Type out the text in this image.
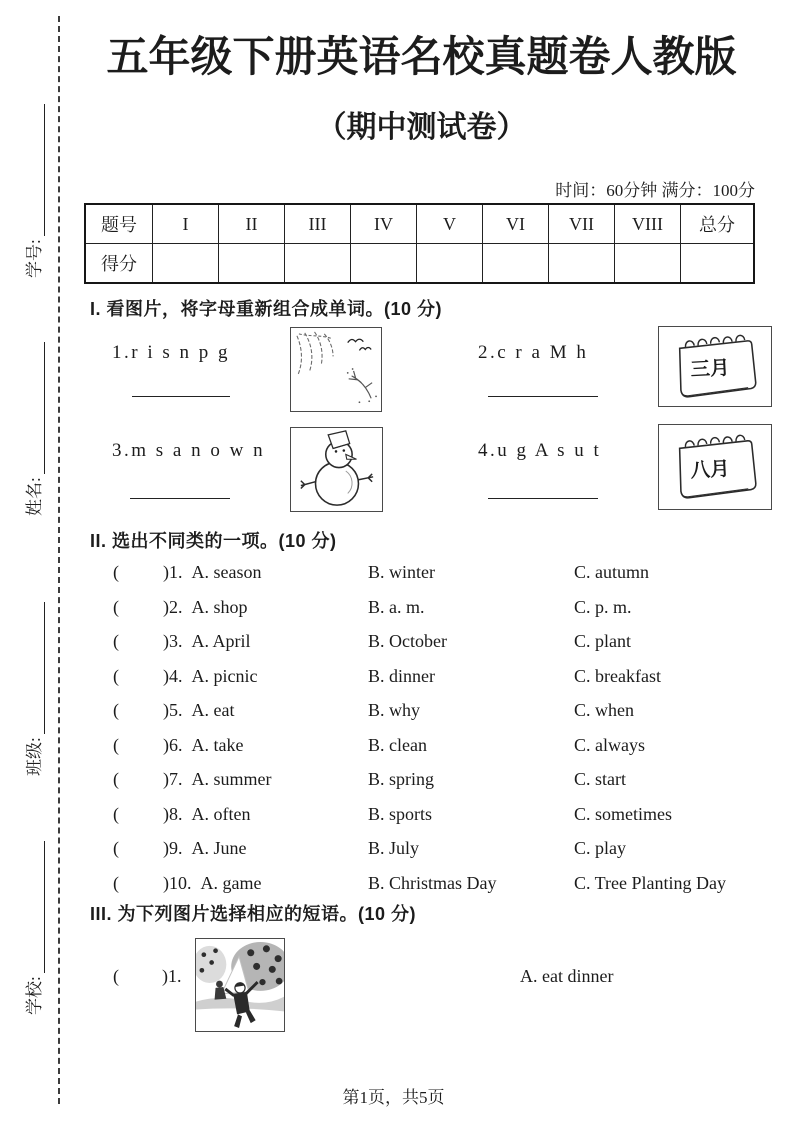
学号:
姓名:
班级:
学校:
五年级下册英语名校真题卷人教版
（期中测试卷）
时间：60分钟 满分：100分
题号	I	II	III	IV	V	VI	VII	VIII	总分
得分									
I. 看图片，将字母重新组合成单词。(10 分)
1.r i s n p g	2.c r a M h
三月
3.m s a n o w n	4.u g A s u t
八月
II. 选出不同类的一项。(10 分)
( )1. A. season	B. winter	C. autumn
( )2. A. shop	B. a. m.	C. p. m.
( )3. A. April	B. October	C. plant
( )4. A. picnic	B. dinner	C. breakfast
( )5. A. eat	B. why	C. when
( )6. A. take	B. clean	C. always
( )7. A. summer	B. spring	C. start
( )8. A. often	B. sports	C. sometimes
( )9. A. June	B. July	C. play
( )10. A. game	B. Christmas Day	C. Tree Planting Day
III. 为下列图片选择相应的短语。(10 分)
( )1.	A. eat dinner
第1页，共5页
